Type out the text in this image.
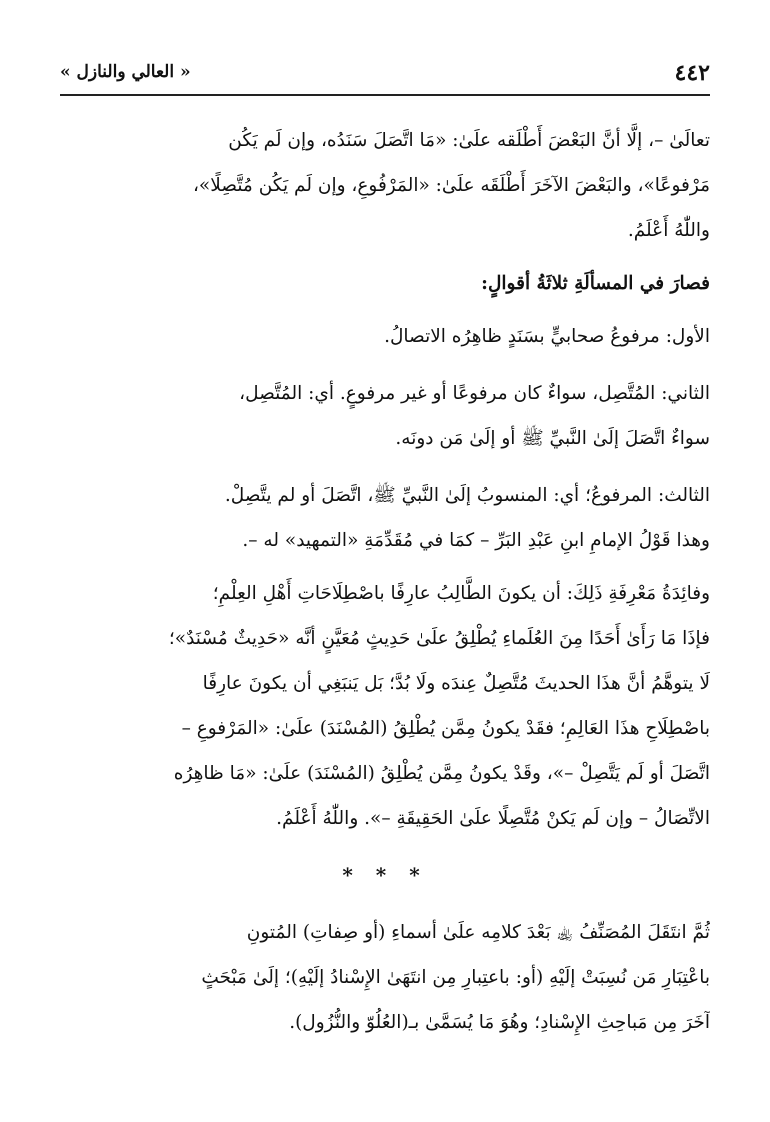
٤٤٢
« العالي والنازل »
تعالَىٰ –، إلَّا أنَّ البَعْضَ أَطْلَقه علَىٰ: «مَا اتَّصَلَ سَنَدُه، وإن لَم يَكُن
مَرْفوعًا»، والبَعْضَ الآخَرَ أَطْلَقَه علَىٰ: «المَرْفُوعِ، وإن لَم يَكُن مُتَّصِلًا»،
واللّٰهُ أَعْلَمُ.
فصارَ في المسألَةِ ثلاثَةُ أقوالٍ:
الأول: مرفوعُ صحابيٍّ بسَنَدٍ ظاهِرُه الاتصالُ.
الثاني: المُتَّصِل، سواءٌ كان مرفوعًا أو غير مرفوعٍ. أي: المُتَّصِل،
سواءٌ اتَّصَلَ إلَىٰ النَّبيِّ ﷺ أو إلَىٰ مَن دونَه.
الثالث: المرفوعُ؛ أي: المنسوبُ إلَىٰ النَّبيِّ ﷺ، اتَّصَلَ أو لم يتَّصِلْ.
وهذا قَوْلُ الإمامِ ابنِ عَبْدِ البَرِّ – كمَا في مُقَدِّمَةِ «التمهيد» له –.
وفائِدَةُ مَعْرِفَةِ ذَلِكَ: أن يكونَ الطَّالِبُ عارِفًا باصْطِلَاحَاتِ أَهْلِ العِلْمِ؛
فإذَا مَا رَأَىٰ أَحَدًا مِنَ العُلَماءِ يُطْلِقُ علَىٰ حَدِيثٍ مُعَيَّنٍ أنَّه «حَدِيثٌ مُسْنَدٌ»؛
لَا يتوهَّمُ أنَّ هذَا الحديثَ مُتَّصِلٌ عِندَه ولَا بُدَّ؛ بَل يَنبَغِي أن يكونَ عارِفًا
باصْطِلَاحِ هذَا العَالِمِ؛ فقَدْ يكونُ مِمَّن يُطْلِقُ (المُسْنَدَ) علَىٰ: «المَرْفوعِ –
اتَّصَلَ أو لَم يَتَّصِلْ –»، وقَدْ يكونُ مِمَّن يُطْلِقُ (المُسْنَدَ) علَىٰ: «مَا ظاهِرُه
الاتِّصَالُ – وإن لَم يَكنْ مُتَّصِلًا علَىٰ الحَقِيقَةِ –». واللّٰهُ أَعْلَمُ.
* * *
ثُمَّ انتَقَلَ المُصَنِّفُ ﵀ بَعْدَ كلامِه علَىٰ أسماءِ (أو صِفاتِ) المُتونِ
باعْتِبَارِ مَن نُسِبَتْ إلَيْهِ (أو: باعتِبارِ مِن انتَهَىٰ الإِسْنادُ إلَيْهِ)؛ إلَىٰ مَبْحَثٍ
آخَرَ مِن مَباحِثِ الإِسْنادِ؛ وهُوَ مَا يُسَمَّىٰ بـ(العُلُوّ والنُّزُول).
